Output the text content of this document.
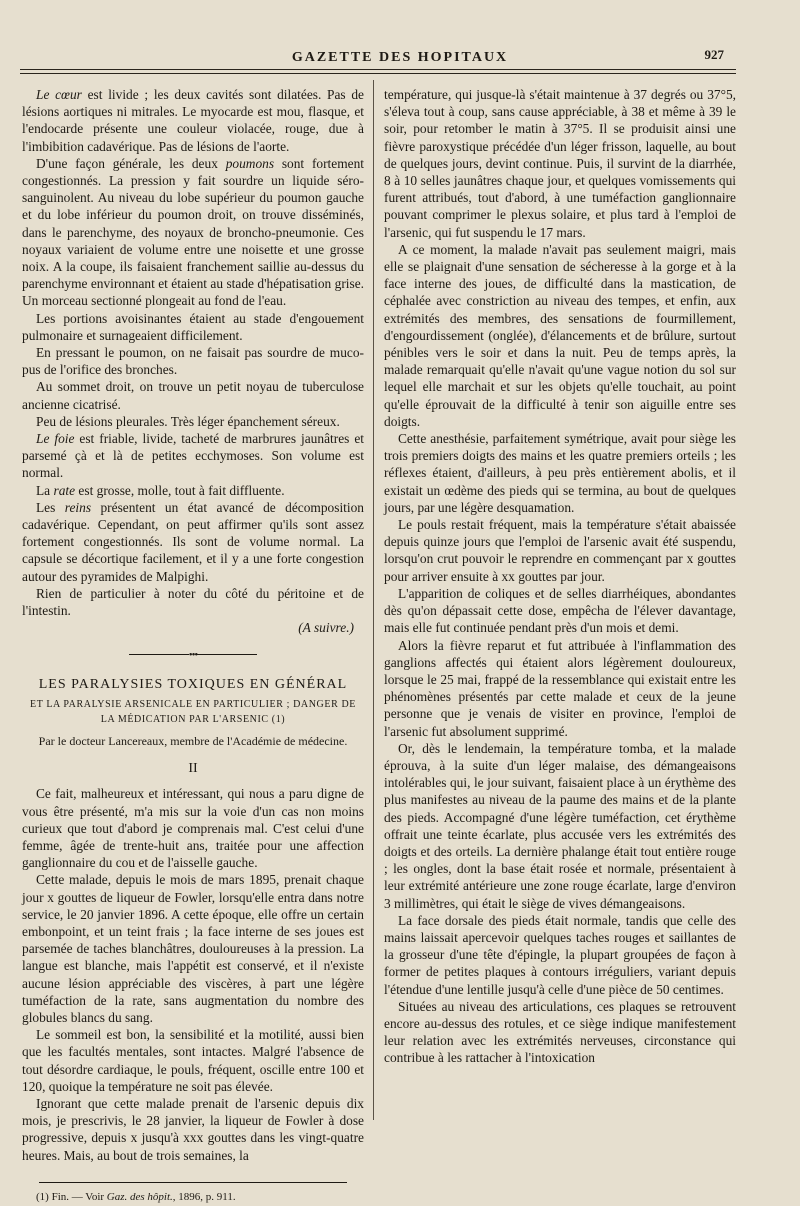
GAZETTE DES HOPITAUX	927

Le cœur est livide ; les deux cavités sont dilatées. Pas de lésions aortiques ni mitrales. Le myocarde est mou, flasque, et l'endocarde présente une couleur violacée, rouge, due à l'imbibition cadavérique. Pas de lésions de l'aorte.

D'une façon générale, les deux poumons sont fortement congestionnés. La pression y fait sourdre un liquide séro-sanguinolent. Au niveau du lobe supérieur du poumon gauche et du lobe inférieur du poumon droit, on trouve disséminés, dans le parenchyme, des noyaux de broncho-pneumonie. Ces noyaux variaient de volume entre une noisette et une grosse noix. A la coupe, ils faisaient franchement saillie au-dessus du parenchyme environnant et étaient au stade d'hépatisation grise. Un morceau sectionné plongeait au fond de l'eau.

Les portions avoisinantes étaient au stade d'engouement pulmonaire et surnageaient difficilement.

En pressant le poumon, on ne faisait pas sourdre de muco-pus de l'orifice des bronches.

Au sommet droit, on trouve un petit noyau de tuberculose ancienne cicatrisé.

Peu de lésions pleurales. Très léger épanchement séreux.

Le foie est friable, livide, tacheté de marbrures jaunâtres et parsemé çà et là de petites ecchymoses. Son volume est normal.

La rate est grosse, molle, tout à fait diffluente.

Les reins présentent un état avancé de décomposition cadavérique. Cependant, on peut affirmer qu'ils sont assez fortement congestionnés. Ils sont de volume normal. La capsule se décortique facilement, et il y a une forte congestion autour des pyramides de Malpighi.

Rien de particulier à noter du côté du péritoine et de l'intestin.

(A suivre.)
•••
LES PARALYSIES TOXIQUES EN GÉNÉRAL
ET LA PARALYSIE ARSENICALE EN PARTICULIER ; DANGER DE LA MÉDICATION PAR L'ARSENIC (1)
Par le docteur Lancereaux, membre de l'Académie de médecine.
II

Ce fait, malheureux et intéressant, qui nous a paru digne de vous être présenté, m'a mis sur la voie d'un cas non moins curieux que tout d'abord je comprenais mal. C'est celui d'une femme, âgée de trente-huit ans, traitée pour une affection ganglionnaire du cou et de l'aisselle gauche.

Cette malade, depuis le mois de mars 1895, prenait chaque jour x gouttes de liqueur de Fowler, lorsqu'elle entra dans notre service, le 20 janvier 1896. A cette époque, elle offre un certain embonpoint, et un teint frais ; la face interne de ses joues est parsemée de taches blanchâtres, douloureuses à la pression. La langue est blanche, mais l'appétit est conservé, et il n'existe aucune lésion appréciable des viscères, à part une légère tuméfaction de la rate, sans augmentation du nombre des globules blancs du sang.

Le sommeil est bon, la sensibilité et la motilité, aussi bien que les facultés mentales, sont intactes. Malgré l'absence de tout désordre cardiaque, le pouls, fréquent, oscille entre 100 et 120, quoique la température ne soit pas élevée.

Ignorant que cette malade prenait de l'arsenic depuis dix mois, je prescrivis, le 28 janvier, la liqueur de Fowler à dose progressive, depuis x jusqu'à xxx gouttes dans les vingt-quatre heures. Mais, au bout de trois semaines, la

(1) Fin. — Voir Gaz. des hôpit., 1896, p. 911.

température, qui jusque-là s'était maintenue à 37 degrés ou 37°5, s'éleva tout à coup, sans cause appréciable, à 38 et même à 39 le soir, pour retomber le matin à 37°5. Il se produisit ainsi une fièvre paroxystique précédée d'un léger frisson, laquelle, au bout de quelques jours, devint continue. Puis, il survint de la diarrhée, 8 à 10 selles jaunâtres chaque jour, et quelques vomissements qui furent attribués, tout d'abord, à une tuméfaction ganglionnaire pouvant comprimer le plexus solaire, et plus tard à l'emploi de l'arsenic, qui fut suspendu le 17 mars.

A ce moment, la malade n'avait pas seulement maigri, mais elle se plaignait d'une sensation de sécheresse à la gorge et à la face interne des joues, de difficulté dans la mastication, de céphalée avec constriction au niveau des tempes, et enfin, aux extrémités des membres, des sensations de fourmillement, d'engourdissement (onglée), d'élancements et de brûlure, surtout pénibles vers le soir et dans la nuit. Peu de temps après, la malade remarquait qu'elle n'avait qu'une vague notion du sol sur lequel elle marchait et sur les objets qu'elle touchait, au point qu'elle éprouvait de la difficulté à tenir son aiguille entre ses doigts.

Cette anesthésie, parfaitement symétrique, avait pour siège les trois premiers doigts des mains et les quatre premiers orteils ; les réflexes étaient, d'ailleurs, à peu près entièrement abolis, et il existait un œdème des pieds qui se termina, au bout de quelques jours, par une légère desquamation.

Le pouls restait fréquent, mais la température s'était abaissée depuis quinze jours que l'emploi de l'arsenic avait été suspendu, lorsqu'on crut pouvoir le reprendre en commençant par x gouttes pour arriver ensuite à xx gouttes par jour.

L'apparition de coliques et de selles diarrhéiques, abondantes dès qu'on dépassait cette dose, empêcha de l'élever davantage, mais elle fut continuée pendant près d'un mois et demi.

Alors la fièvre reparut et fut attribuée à l'inflammation des ganglions affectés qui étaient alors légèrement douloureux, lorsque le 25 mai, frappé de la ressemblance qui existait entre les phénomènes présentés par cette malade et ceux de la jeune personne que je venais de visiter en province, l'emploi de l'arsenic fut absolument supprimé.

Or, dès le lendemain, la température tomba, et la malade éprouva, à la suite d'un léger malaise, des démangeaisons intolérables qui, le jour suivant, faisaient place à un érythème des plus manifestes au niveau de la paume des mains et de la plante des pieds. Accompagné d'une légère tuméfaction, cet érythème offrait une teinte écarlate, plus accusée vers les extrémités des doigts et des orteils. La dernière phalange était tout entière rouge ; les ongles, dont la base était rosée et normale, présentaient à leur extrémité antérieure une zone rouge écarlate, large d'environ 3 millimètres, qui était le siège de vives démangeaisons.

La face dorsale des pieds était normale, tandis que celle des mains laissait apercevoir quelques taches rouges et saillantes de la grosseur d'une tête d'épingle, la plupart groupées de façon à former de petites plaques à contours irréguliers, variant depuis l'étendue d'une lentille jusqu'à celle d'une pièce de 50 centimes.

Situées au niveau des articulations, ces plaques se retrouvent encore au-dessus des rotules, et ce siège indique manifestement leur relation avec les extrémités nerveuses, circonstance qui contribue à les rattacher à l'intoxication
